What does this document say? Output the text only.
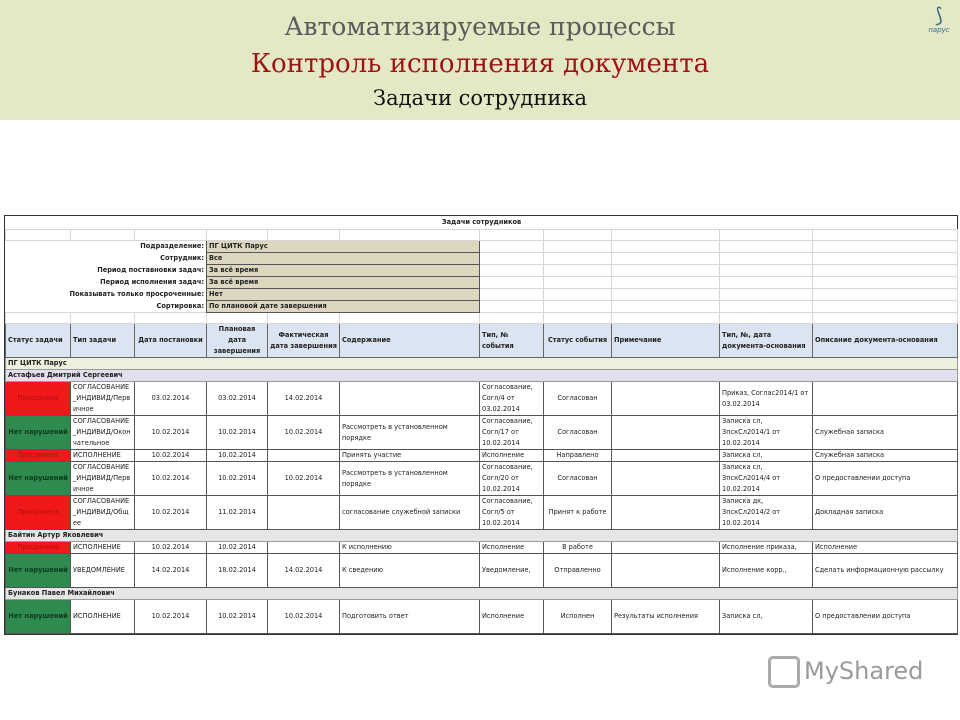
Автоматизируемые процессы
Контроль исполнения документа
Задачи сотрудника
⟆
парус
Задачи сотрудников										

Подразделение:			ПГ ЦИТК Парус							
Сотрудник:			Все							
Период поставновки задач:			За всё время							
Период исполнения задач:			За всё время							
Показывать только просроченные:			Нет							
Сортировка:			По плановой дате завершения							

Статус задачи	Тип задачи	Дата постановки	Плановая дата завершения	Фактическая дата завершения	Содержание	Тип, № события	Статус события	Примечание	Тип, №, дата документа-основания	Описание документа-основания
ПГ ЦИТК Парус										
Астафьев Дмитрий Сергеевич										
Просрочена	СОГЛАСОВАНИЕ_ИНДИВИД/Первичное	03.02.2014	03.02.2014	14.02.2014		Согласование, Согл/4 от 03.02.2014	Согласован		Приказ, Соглас2014/1 от 03.02.2014	
Нет нарушений	СОГЛАСОВАНИЕ_ИНДИВИД/Окончательное	10.02.2014	10.02.2014	10.02.2014	Рассмотреть в установленном порядке	Согласование, Согл/17 от 10.02.2014	Согласован		Записка сл, ЗпскСл2014/1 от 10.02.2014	Служебная записка
Просрочена	ИСПОЛНЕНИЕ	10.02.2014	10.02.2014		Принять участие	Исполнение	Направлено		Записка сл,	Служебная записка
Нет нарушений	СОГЛАСОВАНИЕ_ИНДИВИД/Первичное	10.02.2014	10.02.2014	10.02.2014	Рассмотреть в установленном порядке	Согласование, Согл/20 от 10.02.2014	Согласован		Записка сл, ЗпскСл2014/4 от 10.02.2014	О предоставлении доступа
Просрочена	СОГЛАСОВАНИЕ_ИНДИВИД/Общее	10.02.2014	11.02.2014		согласование служебной записки	Согласование, Согл/5 от 10.02.2014	Принят к работе		Записка дк, ЗпскСл2014/2 от 10.02.2014	Докладная записка
Байтин Артур Яковлевич										
Просрочена	ИСПОЛНЕНИЕ	10.02.2014	10.02.2014		К исполнению	Исполнение	В работе		Исполнение приказа,	Исполнение
Нет нарушений	УВЕДОМЛЕНИЕ	14.02.2014	18.02.2014	14.02.2014	К сведению	Уведомление,	Отправленно		Исполнение корр.,	Сделать информационную рассылку
Бунаков Павел Михайлович										
Нет нарушений	ИСПОЛНЕНИЕ	10.02.2014	10.02.2014	10.02.2014	Подготовить ответ	Исполнение	Исполнен	Результаты исполнения	Записка сл,	О предоставлении доступа
MyShared
